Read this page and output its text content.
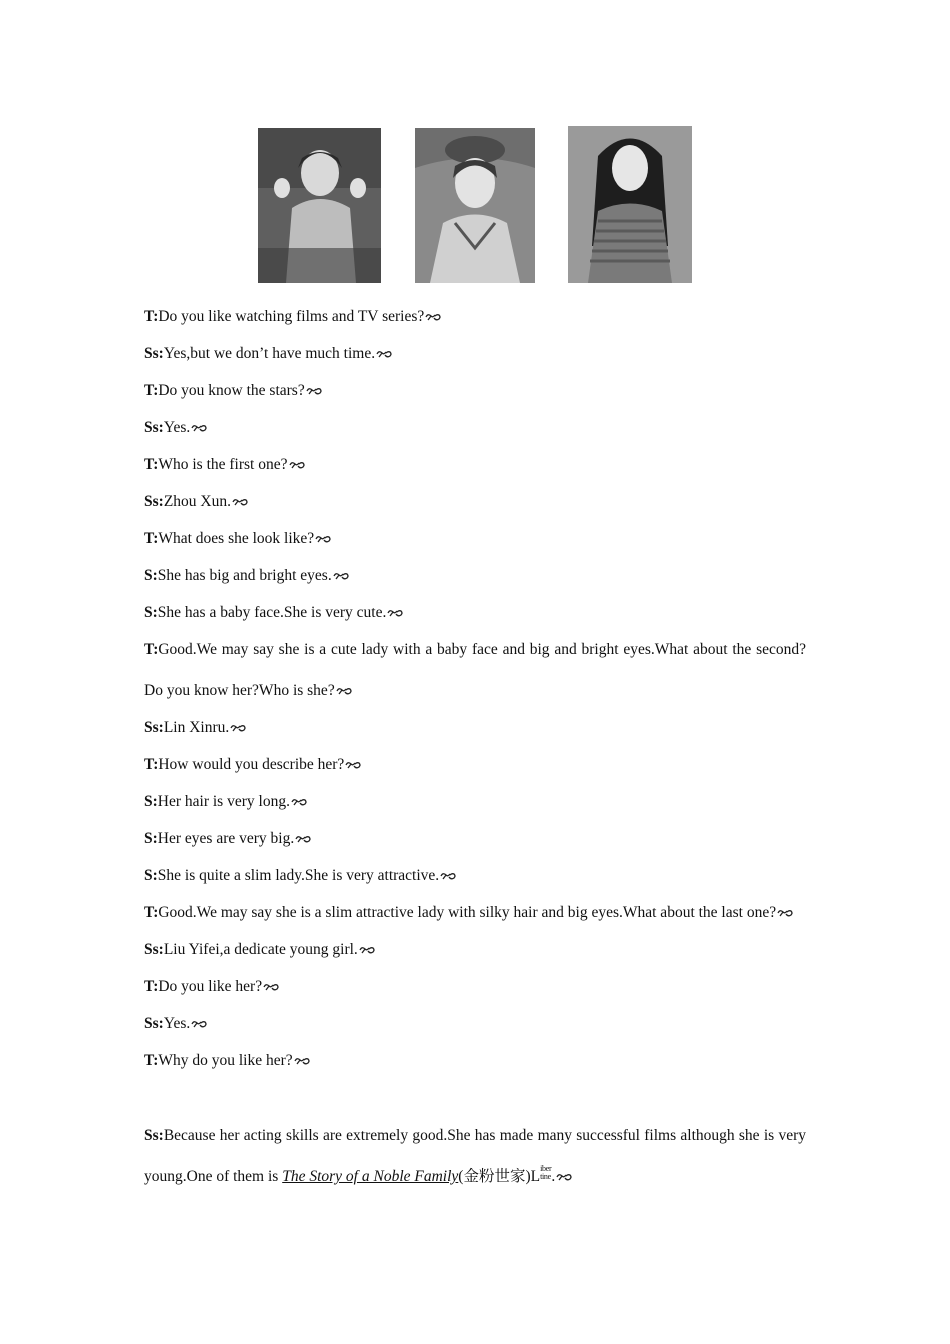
T:Do you like watching films and TV series?

Ss:Yes,but we don’t have much time.

T:Do you know the stars?

Ss:Yes.

T:Who is the first one?

Ss:Zhou Xun.

T:What does she look like?

S:She has big and bright eyes.

S:She has a baby face.She is very cute.

T:Good.We may say she is a cute lady with a baby face and big and bright eyes.What about the second?Do you know her?Who is she?

Ss:Lin Xinru.

T:How would you describe her?

S:Her hair is very long.

S:Her eyes are very big.

S:She is quite a slim lady.She is very attractive.

T:Good.We may say she is a slim attractive lady with silky hair and big eyes.What about the last one?

Ss:Liu Yifei,a dedicate young girl.

T:Do you like her?

Ss:Yes.

T:Why do you like her?

Ss:Because her acting skills are extremely good.She has made many successful films although she is very young.One of them is The Story of a Noble Family(金粉世家)L iber
tine .
